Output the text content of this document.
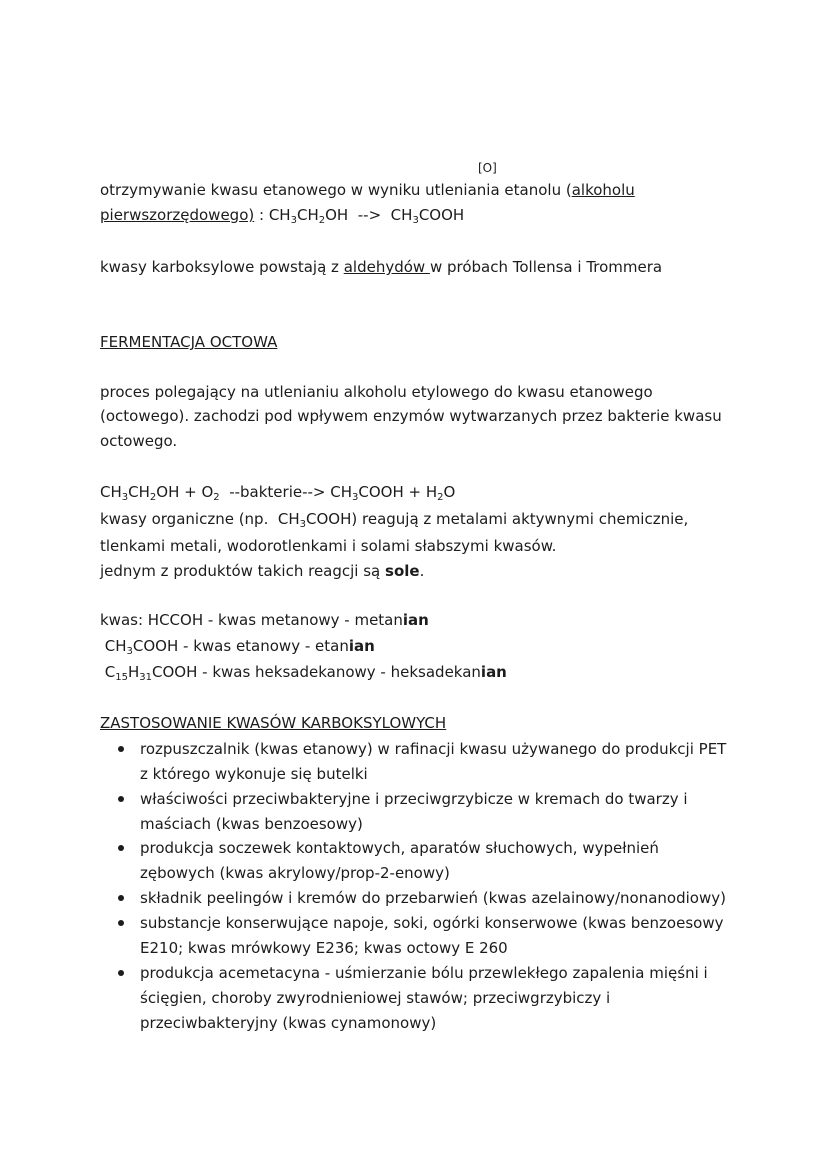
[O]
otrzymywanie kwasu etanowego w wyniku utleniania etanolu (alkoholu
pierwszorzędowego) : $CH_3CH_2OH$  -->  $CH_3COOH$
kwasy karboksylowe powstają z aldehydów w próbach Tollensa i Trommera
FERMENTACJA OCTOWA
proces polegający na utlenianiu alkoholu etylowego do kwasu etanowego
(octowego). zachodzi pod wpływem enzymów wytwarzanych przez bakterie kwasu
octowego.
$CH_3CH_2OH + O_2$  --bakterie--> $CH_3COOH + H_2O$
kwasy organiczne (np.  $CH_3COOH$) reagują z metalami aktywnymi chemicznie,
tlenkami metali, wodorotlenkami i solami słabszymi kwasów.
jednym z produktów takich reagcji są sole.
kwas: HCCOH - kwas metanowy - metanian
$CH_3COOH$ - kwas etanowy - etanian
$C_{15}H_{31}COOH$ - kwas heksadekanowy - heksadekanian
ZASTOSOWANIE KWASÓW KARBOKSYLOWYCH
rozpuszczalnik (kwas etanowy) w rafinacji kwasu używanego do produkcji PET z którego wykonuje się butelki
właściwości przeciwbakteryjne i przeciwgrzybicze w kremach do twarzy i maściach (kwas benzoesowy)
produkcja soczewek kontaktowych, aparatów słuchowych, wypełnień zębowych (kwas akrylowy/prop-2-enowy)
składnik peelingów i kremów do przebarwień (kwas azelainowy/nonanodiowy)
substancje konserwujące napoje, soki, ogórki konserwowe (kwas benzoesowy E210; kwas mrówkowy E236; kwas octowy E 260
produkcja acemetacyna - uśmierzanie bólu przewlekłego zapalenia mięśni i ścięgien, choroby zwyrodnieniowej stawów; przeciwgrzybiczy i przeciwbakteryjny (kwas cynamonowy)
